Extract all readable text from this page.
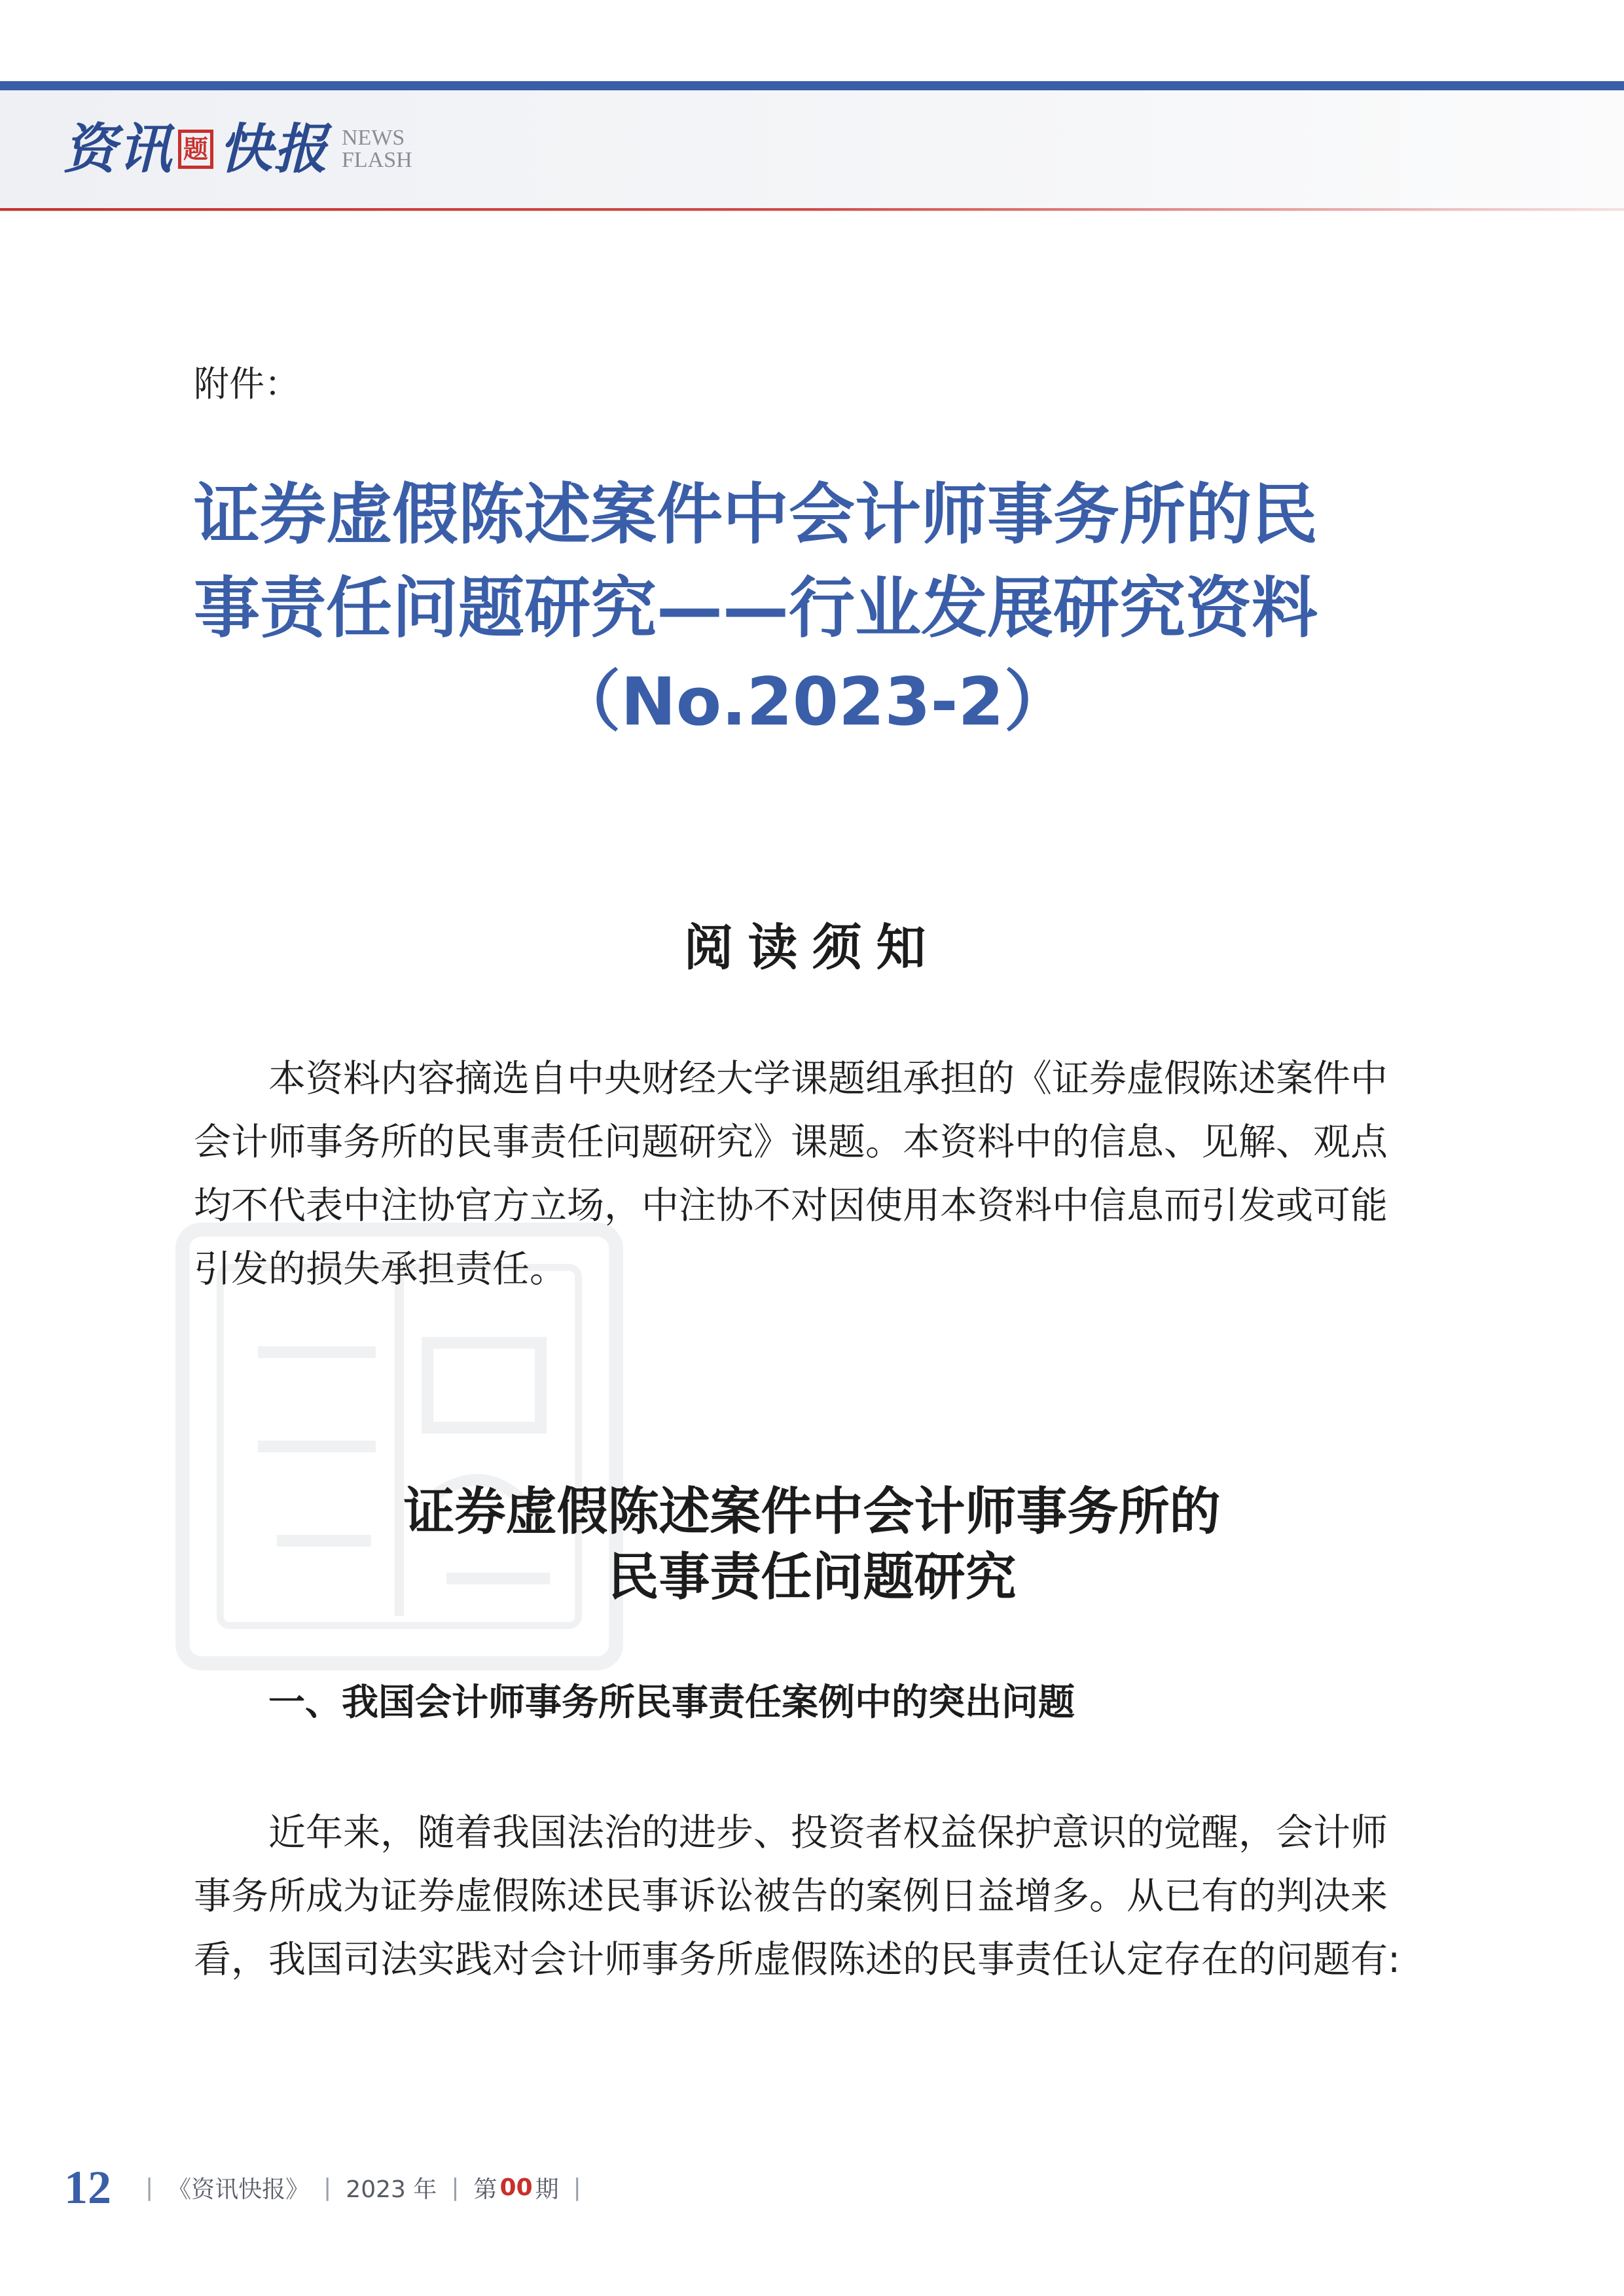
资讯 题 快报 NEWS
FLASH
附件：
证券虚假陈述案件中会计师事务所的民
事责任问题研究——行业发展研究资料
（No.2023-2）
阅读须知
本资料内容摘选自中央财经大学课题组承担的《证券虚假陈述案件中
会计师事务所的民事责任问题研究》课题。本资料中的信息、见解、观点
均不代表中注协官方立场，中注协不对因使用本资料中信息而引发或可能
引发的损失承担责任。
证券虚假陈述案件中会计师事务所的
民事责任问题研究
一、我国会计师事务所民事责任案例中的突出问题
近年来，随着我国法治的进步、投资者权益保护意识的觉醒，会计师
事务所成为证券虚假陈述民事诉讼被告的案例日益增多。从已有的判决来
看，我国司法实践对会计师事务所虚假陈述的民事责任认定存在的问题有:
12 | 《资讯快报》 | 2023 年 | 第 00 期 |
